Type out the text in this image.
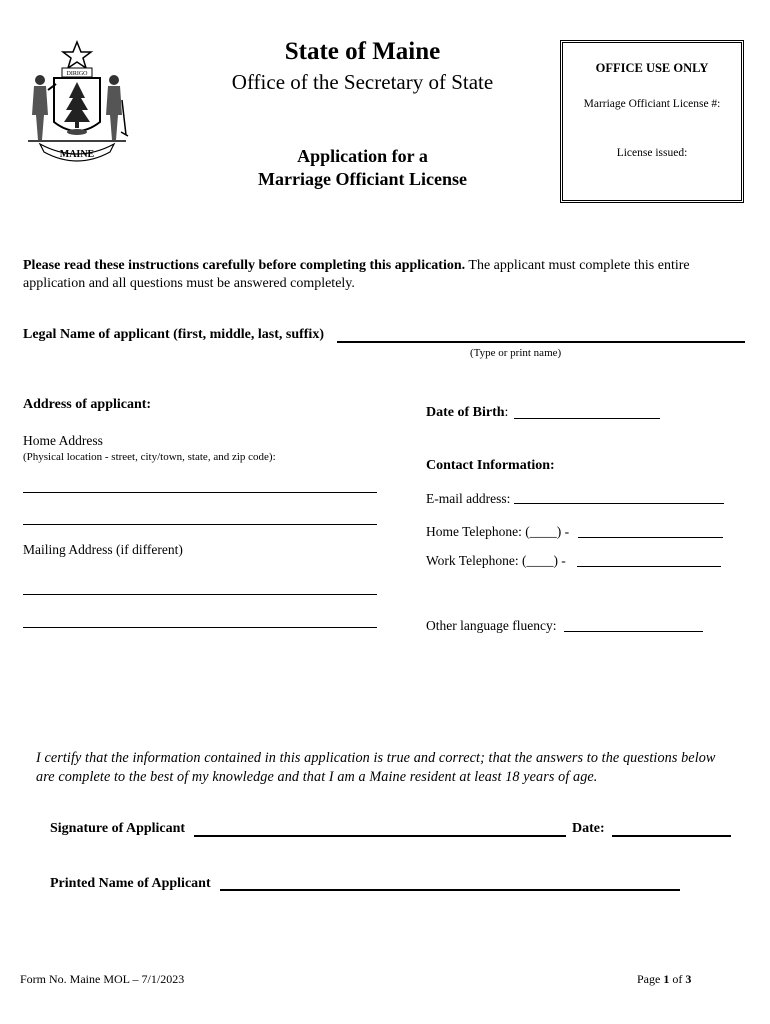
DIRIGO
MAINE
State of Maine
Office of the Secretary of State
Application for a
Marriage Officiant License
OFFICE USE ONLY
Marriage Officiant License #:
License issued:
Please read these instructions carefully before completing this application. The applicant must complete this entire application and all questions must be answered completely.
Legal Name of applicant (first, middle, last, suffix)
(Type or print name)
Address of applicant:
Home Address
(Physical location - street, city/town, state, and zip code):
Mailing Address (if different)
Date of Birth:
Contact Information:
E-mail address:
Home Telephone: (____) -
Work Telephone: (____) -
Other language fluency:
I certify that the information contained in this application is true and correct; that the answers to the questions below are complete to the best of my knowledge and that I am a Maine resident at least 18 years of age.
Signature of Applicant	Date:
Printed Name of Applicant
Form No. Maine MOL – 7/1/2023	Page 1 of 3
